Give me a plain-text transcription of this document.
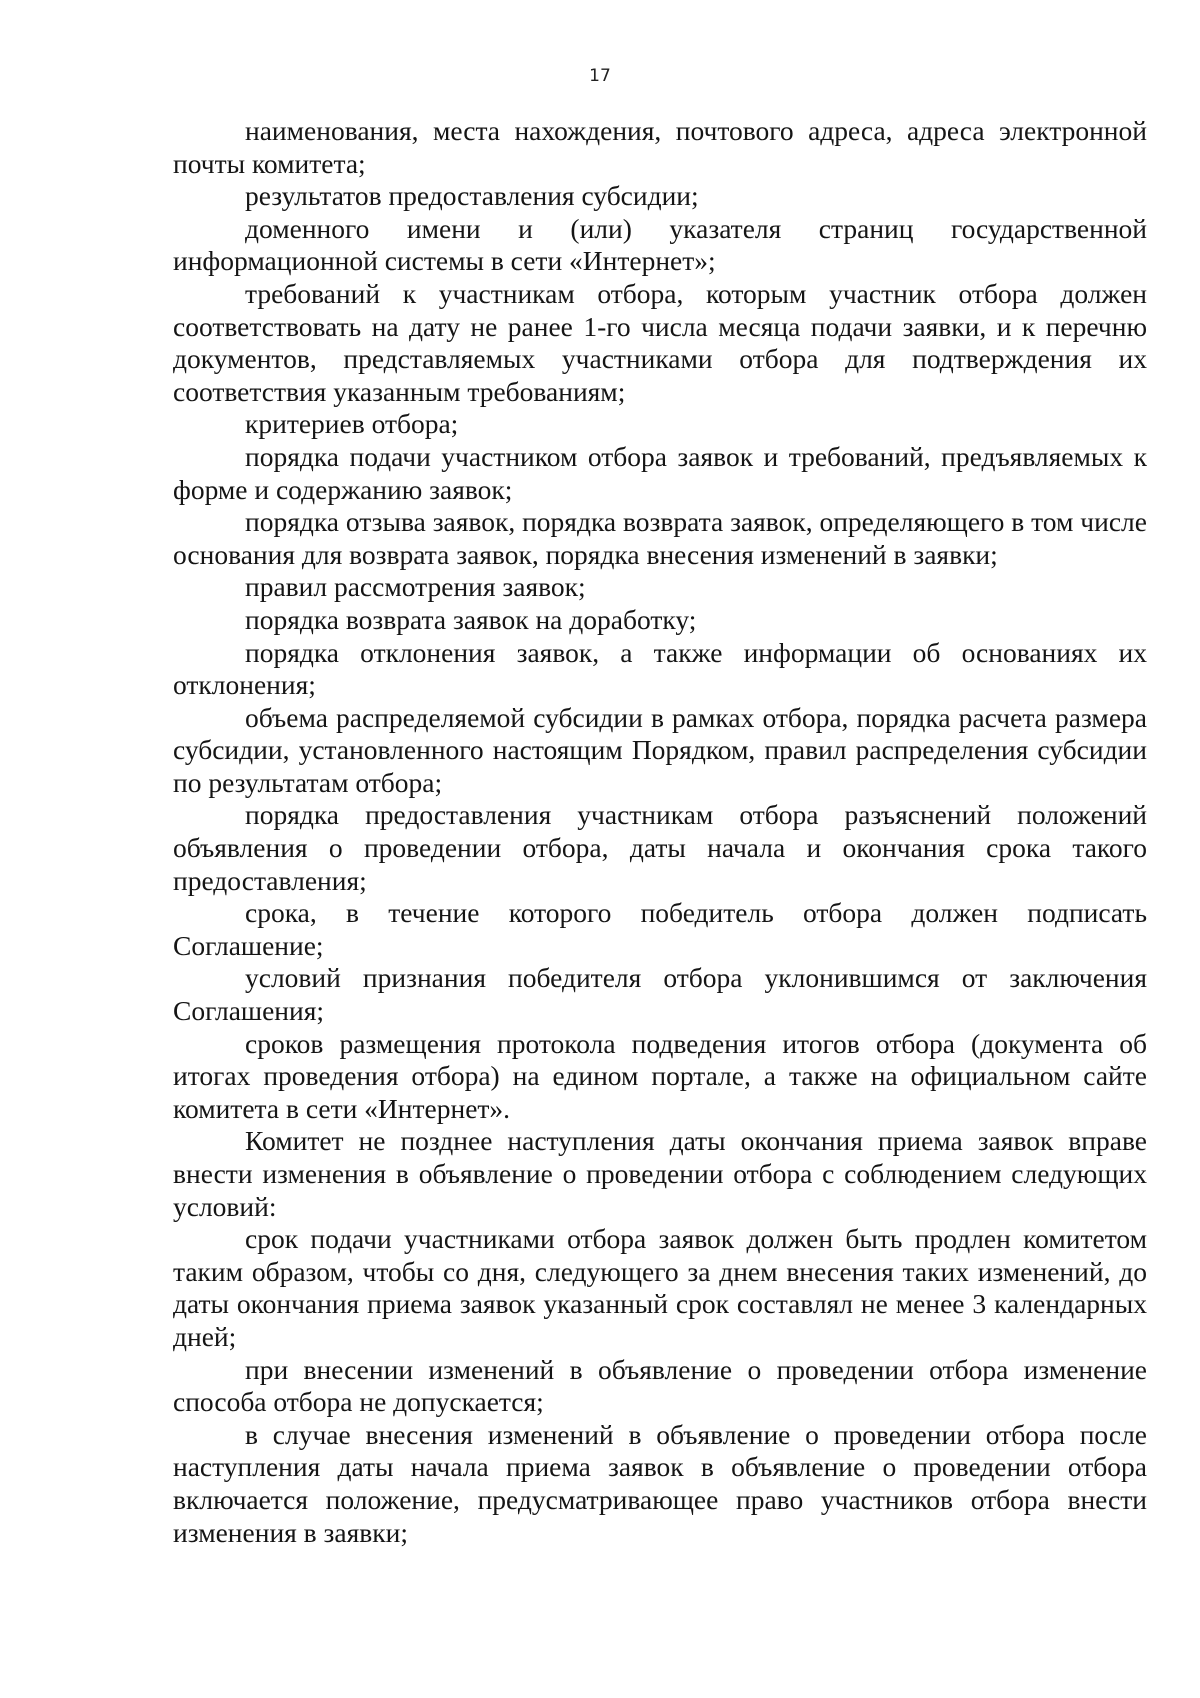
17

наименования, места нахождения, почтового адреса, адреса электронной почты комитета;

результатов предоставления субсидии;

доменного имени и (или) указателя страниц государственной информационной системы в сети «Интернет»;

требований к участникам отбора, которым участник отбора должен соответствовать на дату не ранее 1-го числа месяца подачи заявки, и к перечню документов, представляемых участниками отбора для подтверждения их соответствия указанным требованиям;

критериев отбора;

порядка подачи участником отбора заявок и требований, предъявляемых к форме и содержанию заявок;

порядка отзыва заявок, порядка возврата заявок, определяющего в том числе основания для возврата заявок, порядка внесения изменений в заявки;

правил рассмотрения заявок;

порядка возврата заявок на доработку;

порядка отклонения заявок, а также информации об основаниях их отклонения;

объема распределяемой субсидии в рамках отбора, порядка расчета размера субсидии, установленного настоящим Порядком, правил распределения субсидии по результатам отбора;

порядка предоставления участникам отбора разъяснений положений объявления о проведении отбора, даты начала и окончания срока такого предоставления;

срока, в течение которого победитель отбора должен подписать Соглашение;

условий признания победителя отбора уклонившимся от заключения Соглашения;

сроков размещения протокола подведения итогов отбора (документа об итогах проведения отбора) на едином портале, а также на официальном сайте комитета в сети «Интернет».

Комитет не позднее наступления даты окончания приема заявок вправе внести изменения в объявление о проведении отбора с соблюдением следующих условий:

срок подачи участниками отбора заявок должен быть продлен комитетом таким образом, чтобы со дня, следующего за днем внесения таких изменений, до даты окончания приема заявок указанный срок составлял не менее 3 календарных дней;

при внесении изменений в объявление о проведении отбора изменение способа отбора не допускается;

в случае внесения изменений в объявление о проведении отбора после наступления даты начала приема заявок в объявление о проведении отбора включается положение, предусматривающее право участников отбора внести изменения в заявки;
